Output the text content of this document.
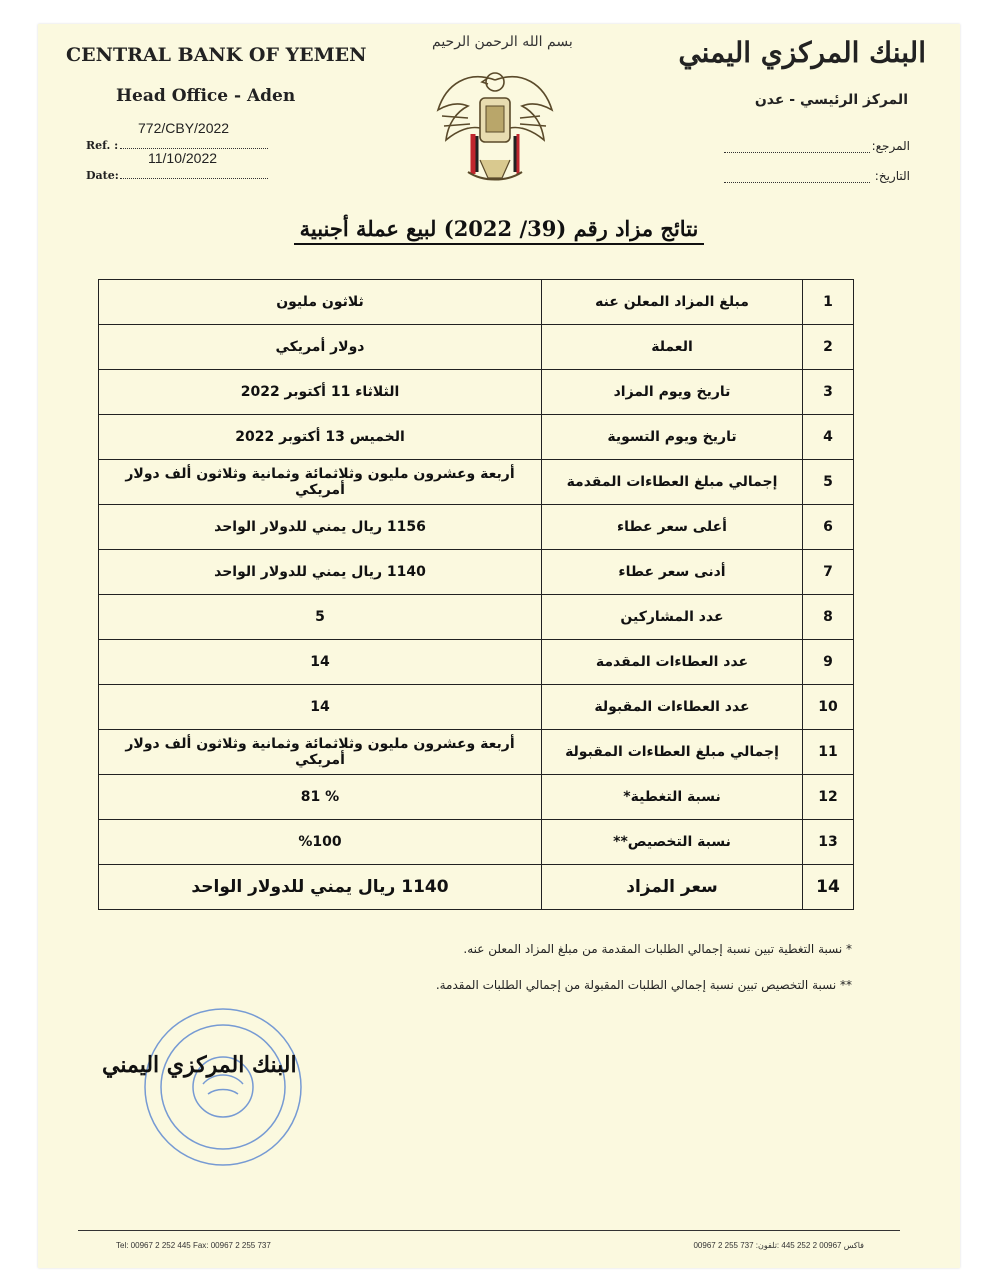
CENTRAL BANK OF YEMEN
Head Office - Aden
772/CBY/2022
Ref. :
11/10/2022
Date:
بسم الله الرحمن الرحيم	البنك المركزي اليمني
المركز الرئيسي - عدن
المرجع:
التاريخ:
نتائج مزاد رقم (39/ 2022) لبيع عملة أجنبية
1	مبلغ المزاد المعلن عنه	ثلاثون مليون
2	العملة	دولار أمريكي
3	تاريخ ويوم المزاد	الثلاثاء 11 أكتوبر 2022
4	تاريخ ويوم التسوية	الخميس 13 أكتوبر 2022
5	إجمالي مبلغ العطاءات المقدمة	أربعة وعشرون مليون وثلاثمائة وثمانية وثلاثون ألف دولار أمريكي
6	أعلى سعر عطاء	1156 ريال يمني للدولار الواحد
7	أدنى سعر عطاء	1140 ريال يمني للدولار الواحد
8	عدد المشاركين	5
9	عدد العطاءات المقدمة	14
10	عدد العطاءات المقبولة	14
11	إجمالي مبلغ العطاءات المقبولة	أربعة وعشرون مليون وثلاثمائة وثمانية وثلاثون ألف دولار أمريكي
12	نسبة التغطية*	% 81
13	نسبة التخصيص**	%100
14	سعر المزاد	1140 ريال يمني للدولار الواحد
* نسبة التغطية تبين نسبة إجمالي الطلبات المقدمة من مبلغ المزاد المعلن عنه.
** نسبة التخصيص تبين نسبة إجمالي الطلبات المقبولة من إجمالي الطلبات المقدمة.
البنك المركزي اليمني
Tel: 00967 2 252 445 Fax: 00967 2 255 737	00967 2 255 737 :فاكس 00967 2 252 445 :تلفون
